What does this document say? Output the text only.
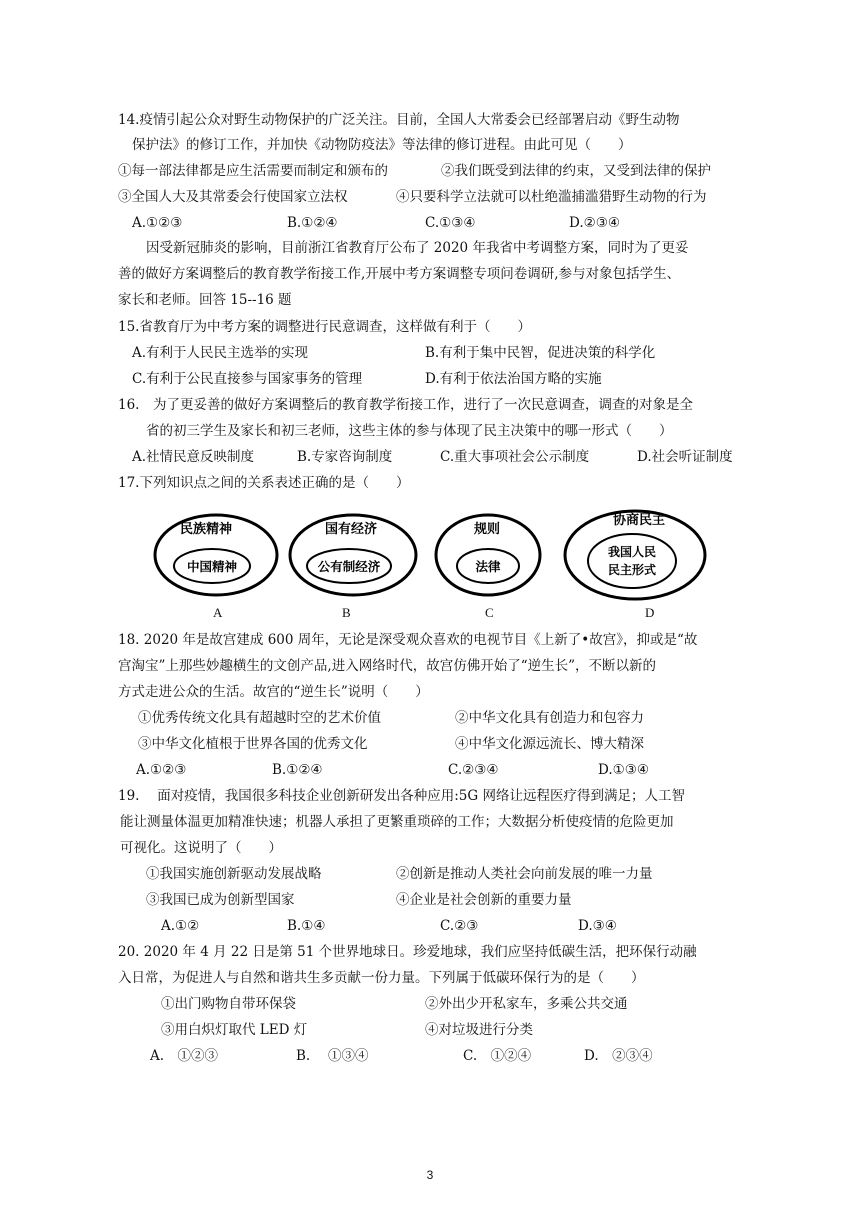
14.疫情引起公众对野生动物保护的广泛关注。目前，全国人大常委会已经部署启动《野生动物
保护法》的修订工作，并加快《动物防疫法》等法律的修订进程。由此可见（　　）
①每一部法律都是应生活需要而制定和颁布的	②我们既受到法律的约束，又受到法律的保护
③全国人大及其常委会行使国家立法权	④只要科学立法就可以杜绝滥捕滥猎野生动物的行为
A.①②③	B.①②④	C.①③④	D.②③④
因受新冠肺炎的影响，目前浙江省教育厅公布了 2020 年我省中考调整方案，同时为了更妥
善的做好方案调整后的教育教学衔接工作,开展中考方案调整专项问卷调研,参与对象包括学生、
家长和老师。回答 15--16 题
15.省教育厅为中考方案的调整进行民意调查，这样做有利于（　　）
A.有利于人民民主选举的实现	B.有利于集中民智，促进决策的科学化
C.有利于公民直接参与国家事务的管理	D.有利于依法治国方略的实施
16.　为了更妥善的做好方案调整后的教育教学衔接工作，进行了一次民意调查，调查的对象是全
省的初三学生及家长和初三老师，这些主体的参与体现了民主决策中的哪一形式（　　）
A.社情民意反映制度	B.专家咨询制度	C.重大事项社会公示制度	D.社会听证制度
17.下列知识点之间的关系表述正确的是（　　）
民族精神
中国精神
国有经济
公有制经济
规则
法律
协商民主
我国人民
民主形式
A	B	C	D
18. 2020 年是故宫建成 600 周年，无论是深受观众喜欢的电视节目《上新了•故宫》，抑或是“故
宫淘宝”上那些妙趣横生的文创产品,进入网络时代，故宫仿佛开始了“逆生长”，不断以新的
方式走进公众的生活。故宫的“逆生长”说明（　　）
①优秀传统文化具有超越时空的艺术价值	②中华文化具有创造力和包容力
③中华文化植根于世界各国的优秀文化	④中华文化源远流长、博大精深
A.①②③	B.①②④	C.②③④	D.①③④
19.　 面对疫情，我国很多科技企业创新研发出各种应用:5G 网络让远程医疗得到满足；人工智
能让测量体温更加精准快速；机器人承担了更繁重琐碎的工作；大数据分析使疫情的危险更加
可视化。这说明了（　　）
①我国实施创新驱动发展战略	②创新是推动人类社会向前发展的唯一力量
③我国已成为创新型国家	④企业是社会创新的重要力量
A.①②	B.①④	C.②③	D.③④
20. 2020 年 4 月 22 日是第 51 个世界地球日。珍爱地球，我们应坚持低碳生活，把环保行动融
入日常，为促进人与自然和谐共生多贡献一份力量。下列属于低碳环保行为的是（　　）
①出门购物自带环保袋	②外出少开私家车，多乘公共交通
③用白炽灯取代 LED 灯	④对垃圾进行分类
A.　①②③	B.　 ①③④	C.　①②④	D.　②③④
3
